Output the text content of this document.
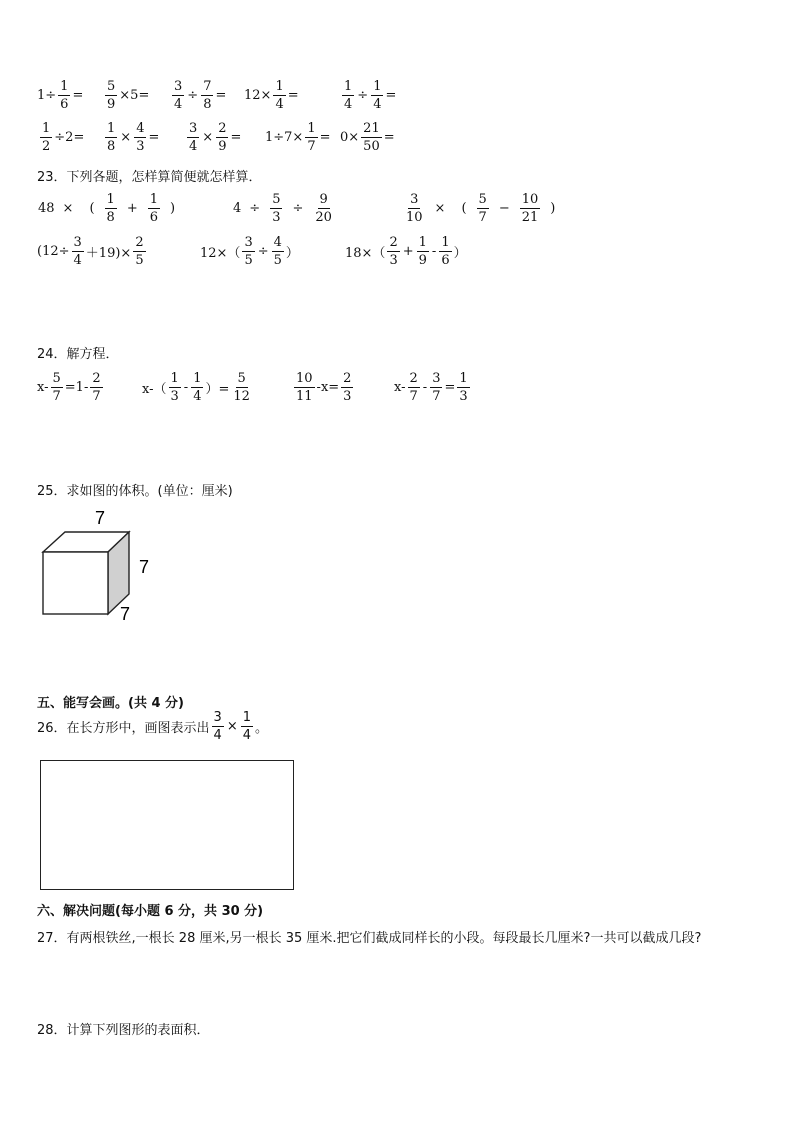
$1\div \frac{1}{6} = \frac{5}{9} \times 5= \frac{3}{4} \div \frac{7}{8} = 12\times \frac{1}{4}$ =	$\frac{1}{4} \div \frac{1}{4}$ =
$\frac{1}{2} \div 2= \frac{1}{8} \times \frac{4}{3} = \frac{3}{4} \times \frac{2}{9} = 1\div 7\times \frac{1}{7} = 0\times \frac{21}{50}$ =
23．下列各题，怎样算简便就怎样算．
48 × ( $\frac{1}{8} + \frac{1}{6}$ )	$4 \div \frac{5}{3} \div \frac{9}{20}$	$\frac{3}{10}$ × ( $\frac{5}{7} - \frac{10}{21}$ )
$(12\div \frac{3}{4} +19)\times \frac{2}{5}$	$12\times( \frac{3}{5} \div \frac{4}{5}$ ）	$18\times( \frac{2}{3} + \frac{1}{9} - \frac{1}{6}$ ）
24．解方程．
$x- \frac{5}{7} =1- \frac{2}{7}$	$x-( \frac{1}{3} - \frac{1}{4}$ ）= $\frac{5}{12}$	$\frac{10}{11} -x= \frac{2}{3}$	$x- \frac{2}{7} - \frac{3}{7} = \frac{1}{3}$
25．求如图的体积。(单位：厘米)
7
7
7
五、能写会画。(共 4 分)
26．在长方形中，画图表示出 $\frac{3}{4} \times \frac{1}{4}$ 。
六、解决问题(每小题 6 分，共 30 分)
27．有两根铁丝,一根长 28 厘米,另一根长 35 厘米.把它们截成同样长的小段。每段最长几厘米?一共可以截成几段?
28．计算下列图形的表面积．
